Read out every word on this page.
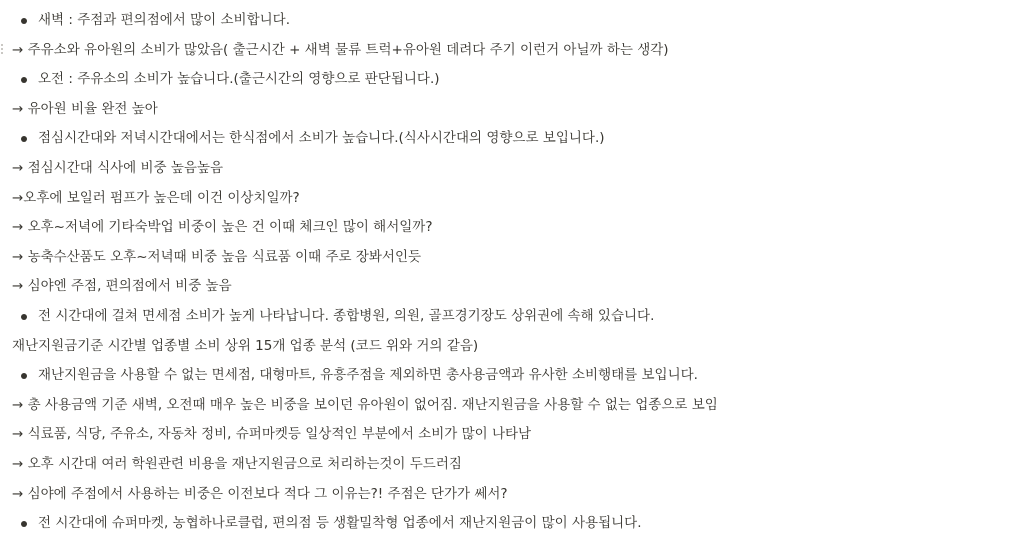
새벽 : 주점과 편의점에서 많이 소비합니다.
→ 주유소와 유아원의 소비가 많았음( 출근시간 + 새벽 물류 트럭+유아원 데려다 주기 이런거 아닐까 하는 생각)
오전 : 주유소의 소비가 높습니다.(출근시간의 영향으로 판단됩니다.)
→ 유아원 비율 완전 높아
점심시간대와 저녁시간대에서는 한식점에서 소비가 높습니다.(식사시간대의 영향으로 보입니다.)
→ 점심시간대 식사에 비중 높음높음
→오후에 보일러 펌프가 높은데 이건 이상치일까?
→ 오후~저녁에 기타숙박업 비중이 높은 건 이때 체크인 많이 해서일까?
→ 농축수산품도 오후~저녁때 비중 높음 식료품 이때 주로 장봐서인듯
→ 심야엔 주점, 편의점에서 비중 높음
전 시간대에 걸쳐 면세점 소비가 높게 나타납니다. 종합병원, 의원, 골프경기장도 상위권에 속해 있습니다.
재난지원금기준 시간별 업종별 소비 상위 15개 업종 분석 (코드 위와 거의 같음)
재난지원금을 사용할 수 없는 면세점, 대형마트, 유흥주점을 제외하면 총사용금액과 유사한 소비행태를 보입니다.
→ 총 사용금액 기준 새벽, 오전때 매우 높은 비중을 보이던 유아원이 없어짐. 재난지원금을 사용할 수 없는 업종으로 보임
→ 식료품, 식당, 주유소, 자동차 정비, 슈퍼마켓등 일상적인 부분에서 소비가 많이 나타남
→ 오후 시간대 여러 학원관련 비용을 재난지원금으로 처리하는것이 두드러짐
→ 심야에 주점에서 사용하는 비중은 이전보다 적다 그 이유는?! 주점은 단가가 쎄서?
전 시간대에 슈퍼마켓, 농협하나로클럽, 편의점 등 생활밀착형 업종에서 재난지원금이 많이 사용됩니다.
